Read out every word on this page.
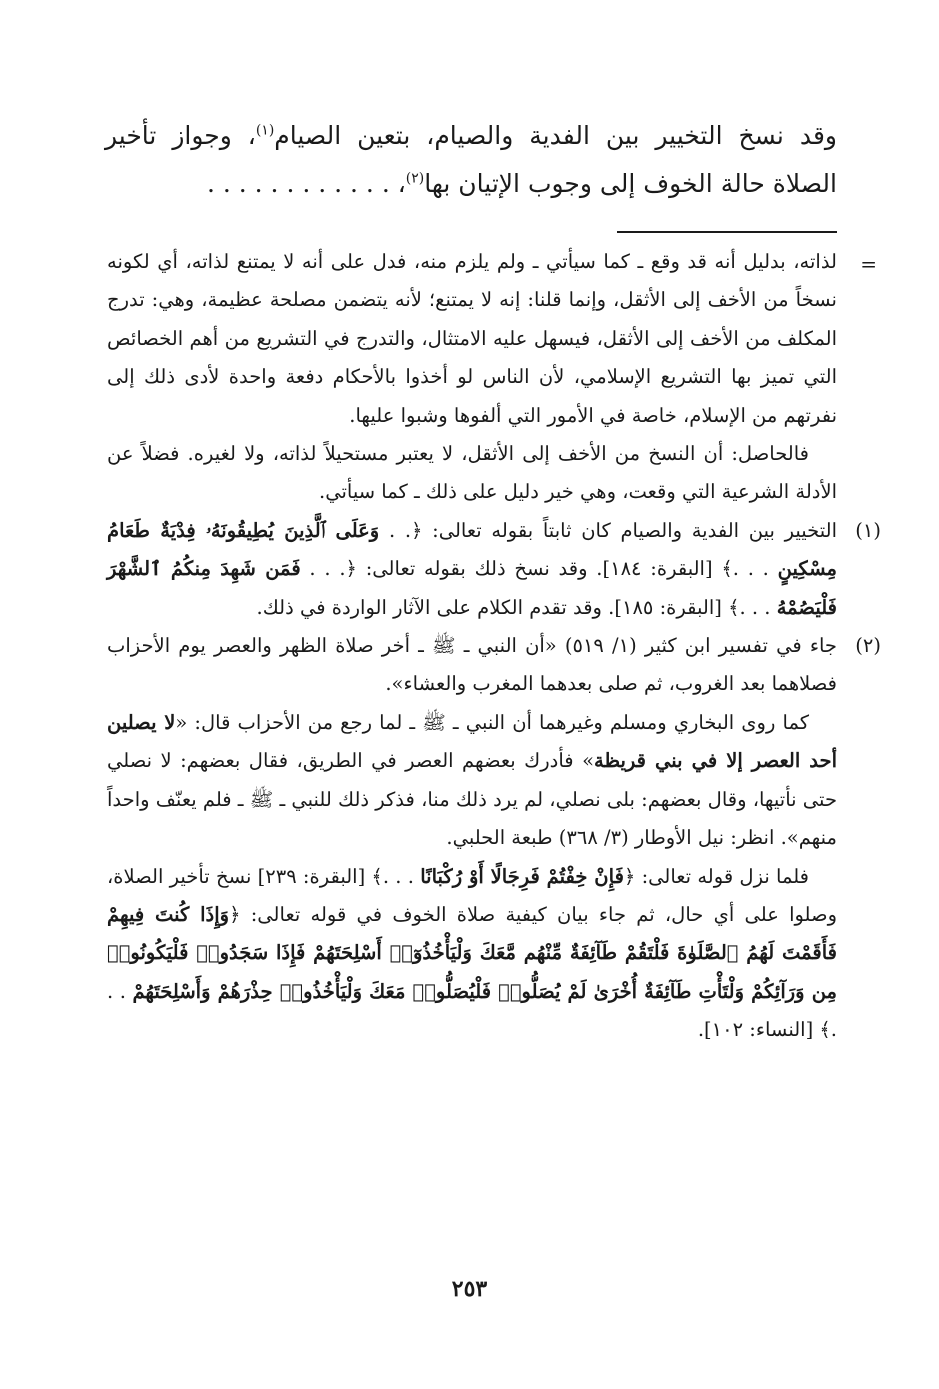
وقد نسخ التخيير بين الفدية والصيام، بتعين الصيام$^{(١)}$، وجواز تأخير الصلاة حالة الخوف إلى وجوب الإتيان بها$^{(٢)}$، . . . . . . . . . . . .

=

لذاته، بدليل أنه قد وقع ـ كما سيأتي ـ ولم يلزم منه، فدل على أنه لا يمتنع لذاته، أي لكونه نسخاً من الأخف إلى الأثقل، وإنما قلنا: إنه لا يمتنع؛ لأنه يتضمن مصلحة عظيمة، وهي: تدرج المكلف من الأخف إلى الأثقل، فيسهل عليه الامتثال، والتدرج في التشريع من أهم الخصائص التي تميز بها التشريع الإسلامي، لأن الناس لو أخذوا بالأحكام دفعة واحدة لأدى ذلك إلى نفرتهم من الإسلام، خاصة في الأمور التي ألفوها وشبوا عليها.

فالحاصل: أن النسخ من الأخف إلى الأثقل، لا يعتبر مستحيلاً لذاته، ولا لغيره. فضلاً عن الأدلة الشرعية التي وقعت، وهي خير دليل على ذلك ـ كما سيأتي.

(١)
التخيير بين الفدية والصيام كان ثابتاً بقوله تعالى: ﴿. . وَعَلَى ٱلَّذِينَ يُطِيقُونَهُۥ فِدْيَةٌ طَعَامُ مِسْكِينٍ . . .﴾ [البقرة: ١٨٤]. وقد نسخ ذلك بقوله تعالى: ﴿. . . فَمَن شَهِدَ مِنكُمُ ٱلشَّهْرَ فَلْيَصُمْهُ . . .﴾ [البقرة: ١٨٥]. وقد تقدم الكلام على الآثار الواردة في ذلك.

(٢)
جاء في تفسير ابن كثير (١/ ٥١٩) «أن النبي ـ ﷺ ـ أخر صلاة الظهر والعصر يوم الأحزاب فصلاهما بعد الغروب، ثم صلى بعدهما المغرب والعشاء».

كما روى البخاري ومسلم وغيرهما أن النبي ـ ﷺ ـ لما رجع من الأحزاب قال: «لا يصلين أحد العصر إلا في بني قريظة» فأدرك بعضهم العصر في الطريق، فقال بعضهم: لا نصلي حتى نأتيها، وقال بعضهم: بلى نصلي، لم يرد ذلك منا، فذكر ذلك للنبي ـ ﷺ ـ فلم يعنّف واحداً منهم». انظر: نيل الأوطار (٣/ ٣٦٨) طبعة الحلبي.

فلما نزل قوله تعالى: ﴿فَإِنْ خِفْتُمْ فَرِجَالًا أَوْ رُكْبَانًا . . .﴾ [البقرة: ٢٣٩] نسخ تأخير الصلاة، وصلوا على أي حال، ثم جاء بيان كيفية صلاة الخوف في قوله تعالى: ﴿وَإِذَا كُنتَ فِيهِمْ فَأَقَمْتَ لَهُمُ ٱلصَّلَوٰةَ فَلْتَقُمْ طَآئِفَةٌ مِّنْهُم مَّعَكَ وَلْيَأْخُذُوٓا۟ أَسْلِحَتَهُمْ فَإِذَا سَجَدُوا۟ فَلْيَكُونُوا۟ مِن وَرَآئِكُمْ وَلْتَأْتِ طَآئِفَةٌ أُخْرَىٰ لَمْ يُصَلُّوا۟ فَلْيُصَلُّوا۟ مَعَكَ وَلْيَأْخُذُوا۟ حِذْرَهُمْ وَأَسْلِحَتَهُمْ . . .﴾ [النساء: ١٠٢].

٢٥٣
